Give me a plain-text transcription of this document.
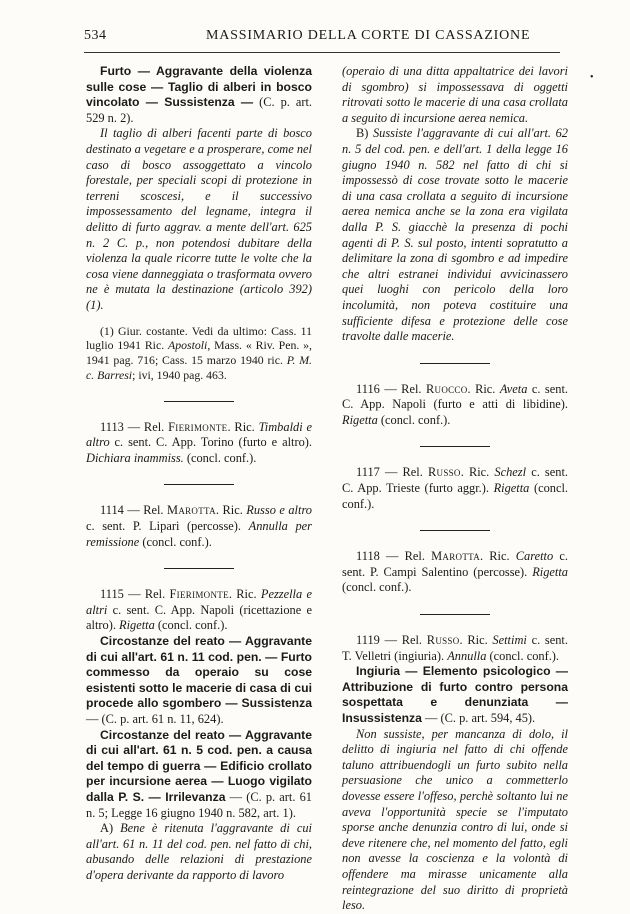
534	MASSIMARIO DELLA CORTE DI CASSAZIONE
•

Furto — Aggravante della violenza sulle cose — Taglio di alberi in bosco vincolato — Sussistenza — (C. p. art. 529 n. 2).

Il taglio di alberi facenti parte di bosco destinato a vegetare e a prosperare, come nel caso di bosco assoggettato a vincolo forestale, per speciali scopi di protezione in terreni scoscesi, e il successivo impossessamento del legname, integra il delitto di furto aggrav. a mente dell'art. 625 n. 2 C. p., non potendosi dubitare della violenza la quale ricorre tutte le volte che la cosa viene danneggiata o trasformata ovvero ne è mutata la destinazione (articolo 392) (1).

(1) Giur. costante. Vedi da ultimo: Cass. 11 luglio 1941 Ric. Apostoli, Mass. « Riv. Pen. », 1941 pag. 716; Cass. 15 marzo 1940 ric. P. M. c. Barresi; ivi, 1940 pag. 463.

1113 — Rel. Fierimonte. Ric. Timbaldi e altro c. sent. C. App. Torino (furto e altro). Dichiara inammiss. (concl. conf.).

1114 — Rel. Marotta. Ric. Russo e altro c. sent. P. Lipari (percosse). Annulla per remissione (concl. conf.).

1115 — Rel. Fierimonte. Ric. Pezzella e altri c. sent. C. App. Napoli (ricettazione e altro). Rigetta (concl. conf.).

Circostanze del reato — Aggravante di cui all'art. 61 n. 11 cod. pen. — Furto commesso da operaio su cose esistenti sotto le macerie di casa di cui procede allo sgombero — Sussistenza — (C. p. art. 61 n. 11, 624).

Circostanze del reato — Aggravante di cui all'art. 61 n. 5 cod. pen. a causa del tempo di guerra — Edificio crollato per incursione aerea — Luogo vigilato dalla P. S. — Irrilevanza — (C. p. art. 61 n. 5; Legge 16 giugno 1940 n. 582, art. 1).

A) Bene è ritenuta l'aggravante di cui all'art. 61 n. 11 del cod. pen. nel fatto di chi, abusando delle relazioni di prestazione d'opera derivante da rapporto di lavoro

(operaio di una ditta appaltatrice dei lavori di sgombro) si impossessava di oggetti ritrovati sotto le macerie di una casa crollata a seguito di incursione aerea nemica.

B) Sussiste l'aggravante di cui all'art. 62 n. 5 del cod. pen. e dell'art. 1 della legge 16 giugno 1940 n. 582 nel fatto di chi si impossessò di cose trovate sotto le macerie di una casa crollata a seguito di incursione aerea nemica anche se la zona era vigilata dalla P. S. giacchè la presenza di pochi agenti di P. S. sul posto, intenti sopratutto a delimitare la zona di sgombro e ad impedire che altri estranei individui avvicinassero quei luoghi con pericolo della loro incolumità, non poteva costituire una sufficiente difesa e protezione delle cose travolte dalle macerie.

1116 — Rel. Ruocco. Ric. Aveta c. sent. C. App. Napoli (furto e atti di libidine). Rigetta (concl. conf.).

1117 — Rel. Russo. Ric. Schezl c. sent. C. App. Trieste (furto aggr.). Rigetta (concl. conf.).

1118 — Rel. Marotta. Ric. Caretto c. sent. P. Campi Salentino (percosse). Rigetta (concl. conf.).

1119 — Rel. Russo. Ric. Settimi c. sent. T. Velletri (ingiuria). Annulla (concl. conf.).

Ingiuria — Elemento psicologico — Attribuzione di furto contro persona sospettata e denunziata — Insussistenza — (C. p. art. 594, 45).

Non sussiste, per mancanza di dolo, il delitto di ingiuria nel fatto di chi offende taluno attribuendogli un furto subito nella persuasione che unico a commetterlo dovesse essere l'offeso, perchè soltanto lui ne aveva l'opportunità specie se l'imputato sporse anche denunzia contro di lui, onde si deve ritenere che, nel momento del fatto, egli non avesse la coscienza e la volontà di offendere ma mirasse unicamente alla reintegrazione del suo diritto di proprietà leso.
